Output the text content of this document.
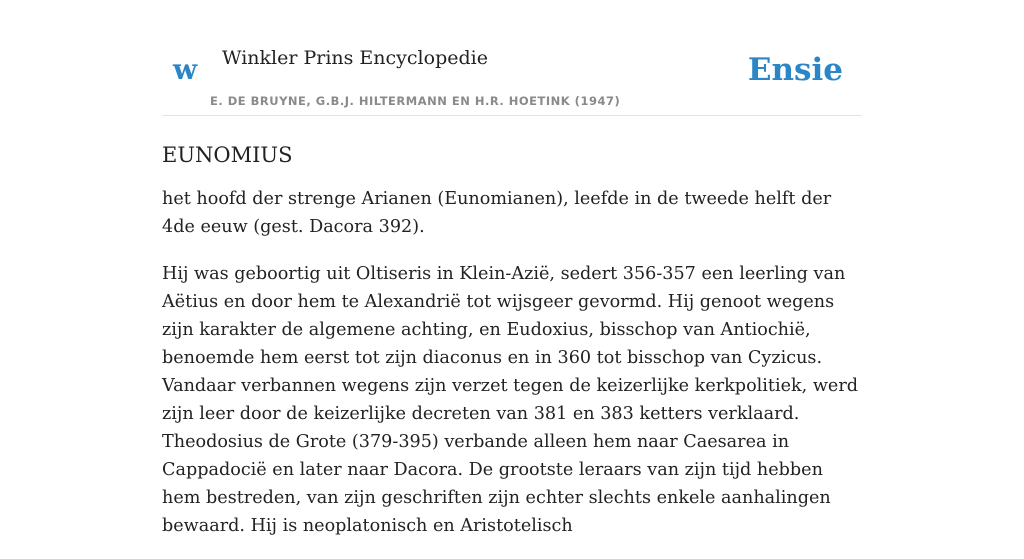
w Winkler Prins Encyclopedie
E. DE BRUYNE, G.B.J. HILTERMANN EN H.R. HOETINK (1947)
Ensie
EUNOMIUS

het hoofd der strenge Arianen (Eunomianen), leefde in de tweede helft der 4de eeuw (gest. Dacora 392).

Hij was geboortig uit Oltiseris in Klein-Azië, sedert 356-357 een leerling van Aëtius en door hem te Alexandrië tot wijsgeer gevormd. Hij genoot wegens zijn karakter de algemene achting, en Eudoxius, bisschop van Antiochië, benoemde hem eerst tot zijn diaconus en in 360 tot bisschop van Cyzicus. Vandaar verbannen wegens zijn verzet tegen de keizerlijke kerkpolitiek, werd zijn leer door de keizerlijke decreten van 381 en 383 ketters verklaard. Theodosius de Grote (379-395) verbande alleen hem naar Caesarea in Cappadocië en later naar Dacora. De grootste leraars van zijn tijd hebben hem bestreden, van zijn geschriften zijn echter slechts enkele aanhalingen bewaard. Hij is neoplatonisch en Aristotelisch
